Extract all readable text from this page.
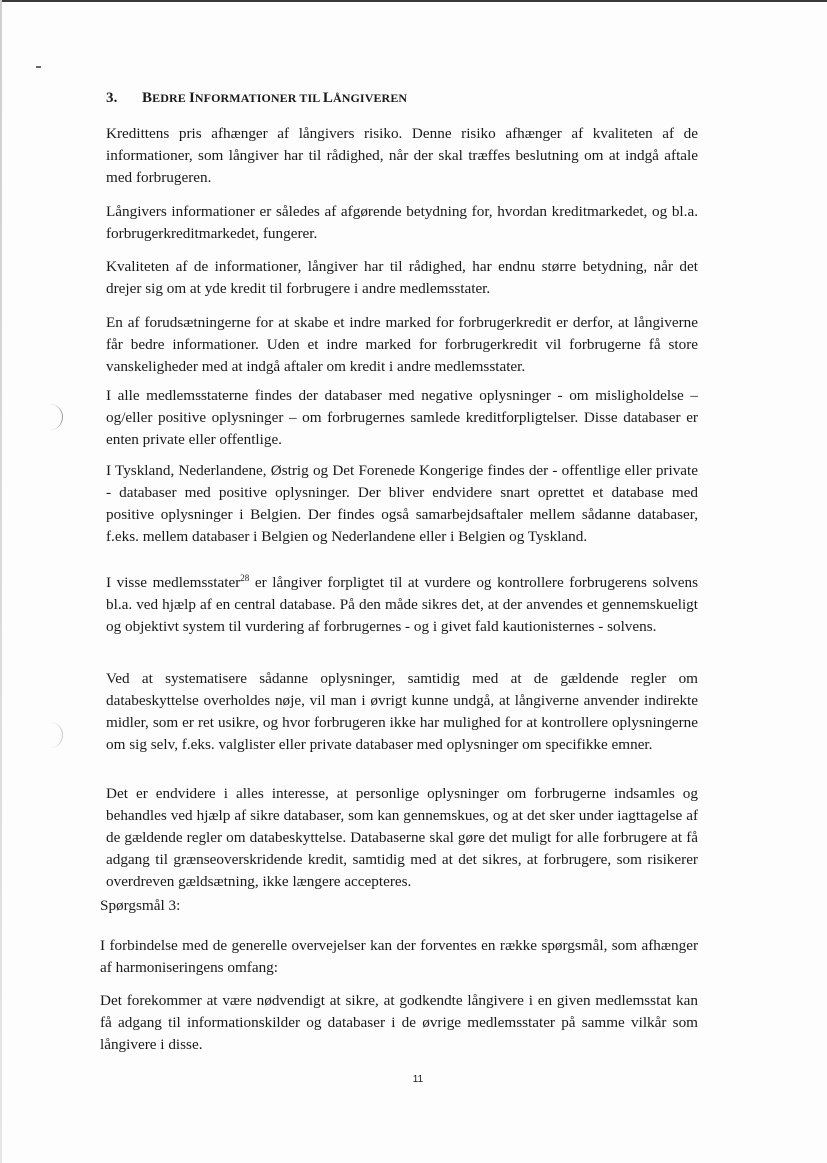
3. BEDRE INFORMATIONER TIL LÅNGIVEREN

Kredittens pris afhænger af långivers risiko. Denne risiko afhænger af kvaliteten af de informationer, som långiver har til rådighed, når der skal træffes beslutning om at indgå aftale med forbrugeren.

Långivers informationer er således af afgørende betydning for, hvordan kreditmarkedet, og bl.a. forbrugerkreditmarkedet, fungerer.

Kvaliteten af de informationer, långiver har til rådighed, har endnu større betydning, når det drejer sig om at yde kredit til forbrugere i andre medlemsstater.

En af forudsætningerne for at skabe et indre marked for forbrugerkredit er derfor, at långiverne får bedre informationer. Uden et indre marked for forbrugerkredit vil forbrugerne få store vanskeligheder med at indgå aftaler om kredit i andre medlemsstater.

I alle medlemsstaterne findes der databaser med negative oplysninger - om misligholdelse – og/eller positive oplysninger – om forbrugernes samlede kreditforpligtelser. Disse databaser er enten private eller offentlige.

I Tyskland, Nederlandene, Østrig og Det Forenede Kongerige findes der - offentlige eller private - databaser med positive oplysninger. Der bliver endvidere snart oprettet et database med positive oplysninger i Belgien. Der findes også samarbejdsaftaler mellem sådanne databaser, f.eks. mellem databaser i Belgien og Nederlandene eller i Belgien og Tyskland.

I visse medlemsstater$^{28}$ er långiver forpligtet til at vurdere og kontrollere forbrugerens solvens bl.a. ved hjælp af en central database. På den måde sikres det, at der anvendes et gennemskueligt og objektivt system til vurdering af forbrugernes - og i givet fald kautionisternes - solvens.

Ved at systematisere sådanne oplysninger, samtidig med at de gældende regler om databeskyttelse overholdes nøje, vil man i øvrigt kunne undgå, at långiverne anvender indirekte midler, som er ret usikre, og hvor forbrugeren ikke har mulighed for at kontrollere oplysningerne om sig selv, f.eks. valglister eller private databaser med oplysninger om specifikke emner.

Det er endvidere i alles interesse, at personlige oplysninger om forbrugerne indsamles og behandles ved hjælp af sikre databaser, som kan gennemskues, og at det sker under iagttagelse af de gældende regler om databeskyttelse. Databaserne skal gøre det muligt for alle forbrugere at få adgang til grænseoverskridende kredit, samtidig med at det sikres, at forbrugere, som risikerer overdreven gældsætning, ikke længere accepteres.

Spørgsmål 3:

I forbindelse med de generelle overvejelser kan der forventes en række spørgsmål, som afhænger af harmoniseringens omfang:

Det forekommer at være nødvendigt at sikre, at godkendte långivere i en given medlemsstat kan få adgang til informationskilder og databaser i de øvrige medlemsstater på samme vilkår som långivere i disse.

11
